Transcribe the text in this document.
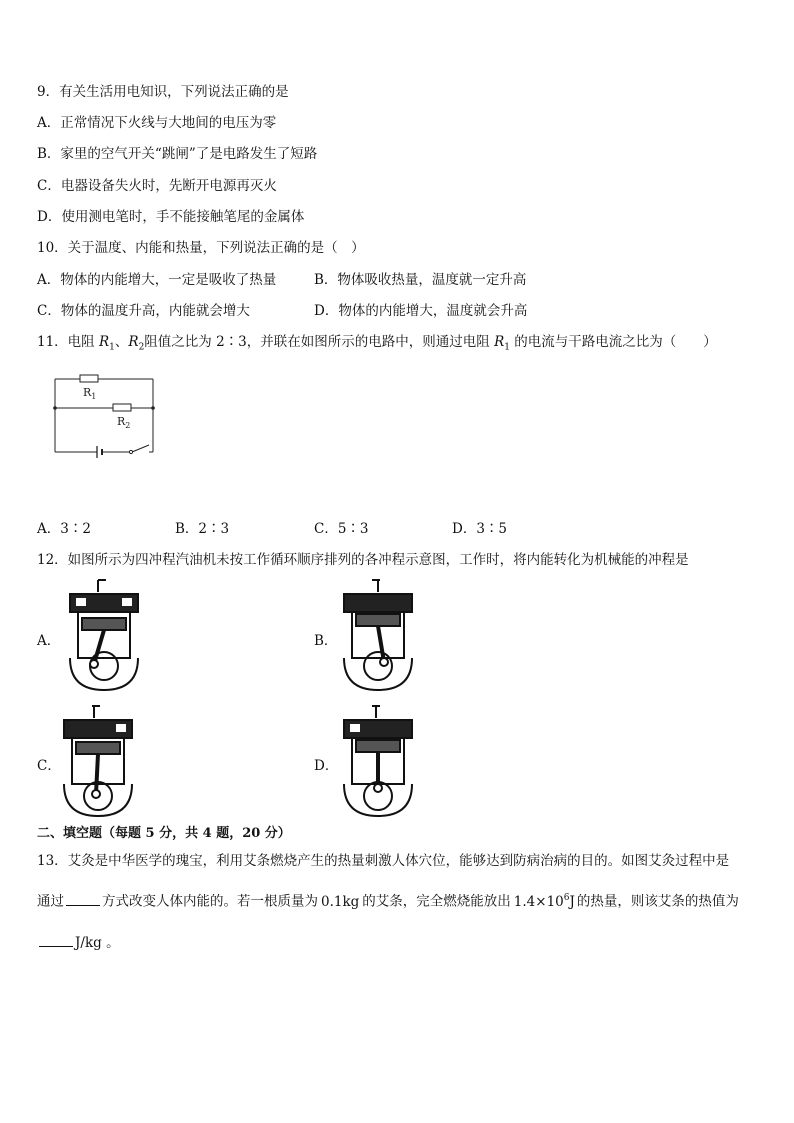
9．有关生活用电知识，下列说法正确的是
A．正常情况下火线与大地间的电压为零
B．家里的空气开关“跳闸”了是电路发生了短路
C．电器设备失火时，先断开电源再灭火
D．使用测电笔时，手不能接触笔尾的金属体
10．关于温度、内能和热量，下列说法正确的是（　）
A．物体的内能增大，一定是吸收了热量	B．物体吸收热量，温度就一定升高
C．物体的温度升高，内能就会增大	D．物体的内能增大，温度就会升高
11．电阻 $R_1$、$R_2$阻值之比为 2∶3，并联在如图所示的电路中，则通过电阻 $R_1$ 的电流与干路电流之比为（　　）
$R_1$
$R_2$
A．3∶2	B．2∶3	C．5∶3	D．3∶5
12．如图所示为四冲程汽油机未按工作循环顺序排列的各冲程示意图，工作时，将内能转化为机械能的冲程是
A．	B．
C．	D．
二、填空题（每题 5 分，共 4 题，20 分）
13．艾灸是中华医学的瑰宝，利用艾条燃烧产生的热量刺激人体穴位，能够达到防病治病的目的。如图艾灸过程中是
通过	方式改变人体内能的。若一根质量为 0.1kg 的艾条，完全燃烧能放出 $1.4\times 10^6J$ 的热量，则该艾条的热值为
J/kg 。
